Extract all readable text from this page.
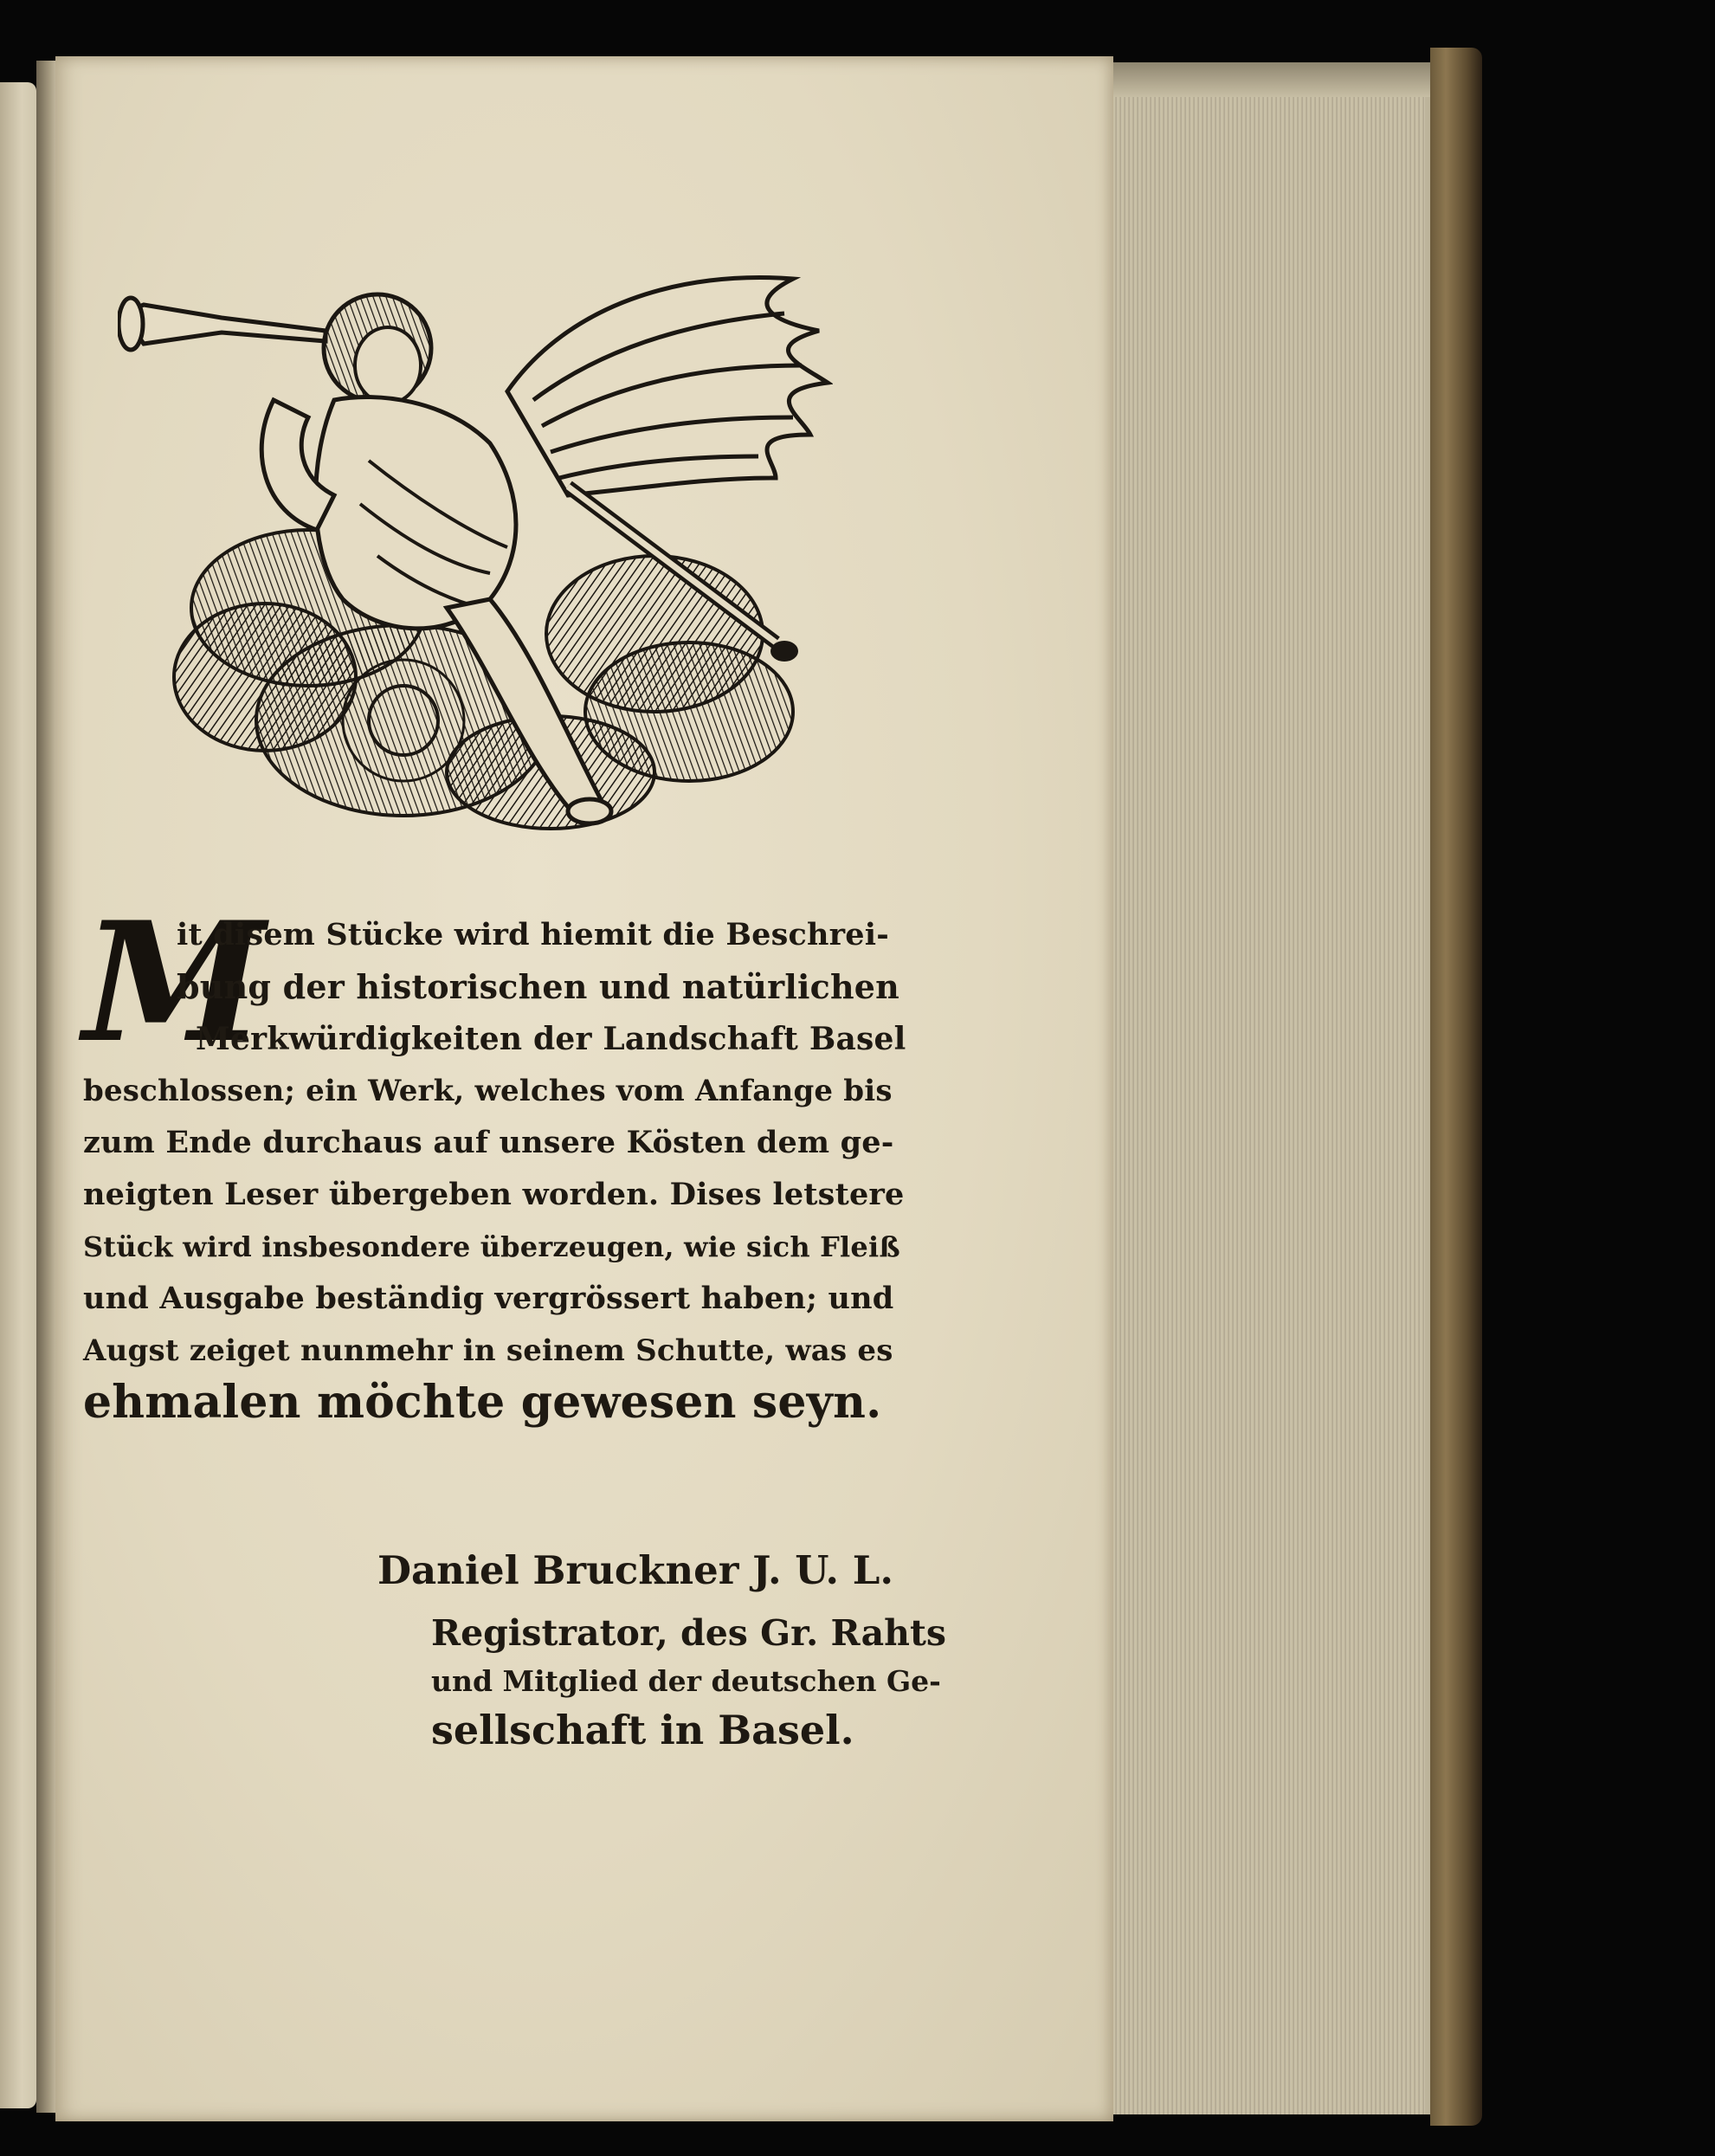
M
it disem Stücke wird hiemit die Beschrei-
bung der historischen und natürlichen
Merkwürdigkeiten der Landschaft Basel
beschlossen; ein Werk, welches vom Anfange bis
zum Ende durchaus auf unsere Kösten dem ge-
neigten Leser übergeben worden. Dises letstere
Stück wird insbesondere überzeugen, wie sich Fleiß
und Ausgabe beständig vergrössert haben; und
Augst zeiget nunmehr in seinem Schutte, was es
ehmalen möchte gewesen seyn.
Daniel Bruckner J. U. L.
Registrator, des Gr. Rahts
und Mitglied der deutschen Ge-
sellschaft in Basel.
